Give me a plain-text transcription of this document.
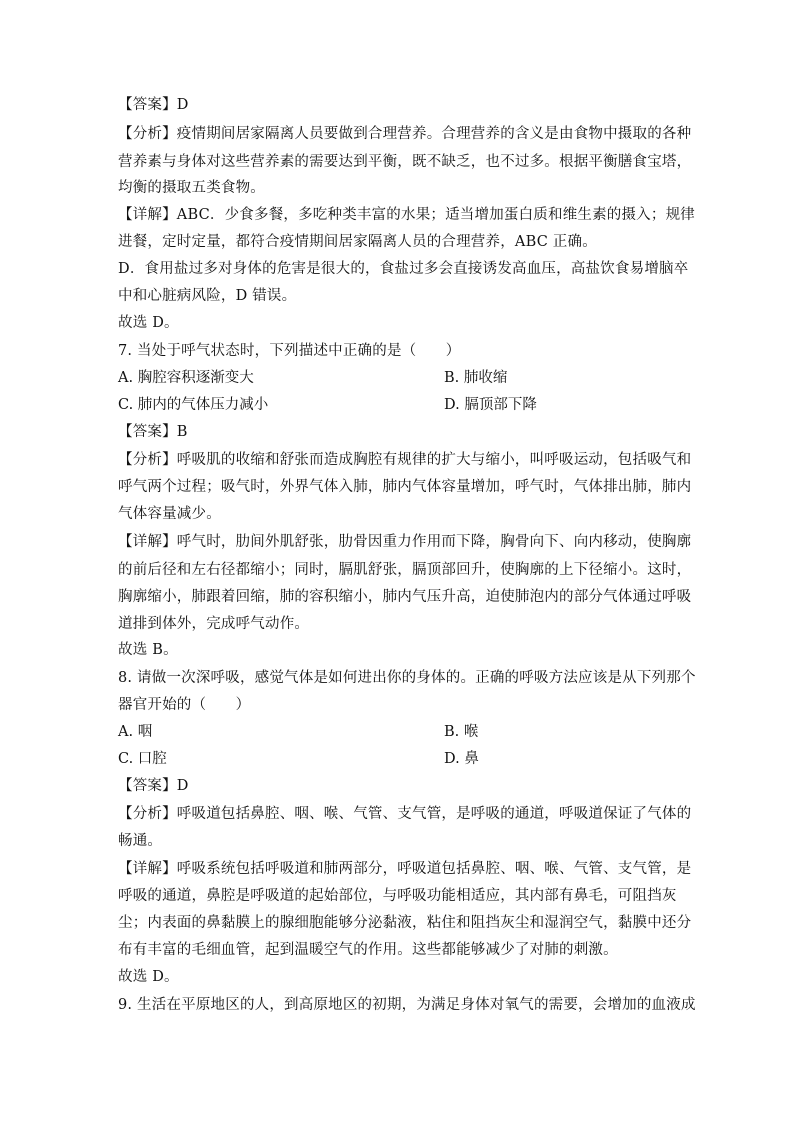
【答案】D
【分析】疫情期间居家隔离人员要做到合理营养。合理营养的含义是由食物中摄取的各种
营养素与身体对这些营养素的需要达到平衡，既不缺乏，也不过多。根据平衡膳食宝塔，
均衡的摄取五类食物。
【详解】ABC．少食多餐，多吃种类丰富的水果；适当增加蛋白质和维生素的摄入；规律
进餐，定时定量，都符合疫情期间居家隔离人员的合理营养，ABC 正确。
D．食用盐过多对身体的危害是很大的，食盐过多会直接诱发高血压，高盐饮食易增脑卒
中和心脏病风险，D 错误。
故选 D。
7. 当处于呼气状态时，下列描述中正确的是（　　）
A. 胸腔容积逐渐变大	B. 肺收缩
C. 肺内的气体压力减小	D. 膈顶部下降
【答案】B
【分析】呼吸肌的收缩和舒张而造成胸腔有规律的扩大与缩小，叫呼吸运动，包括吸气和
呼气两个过程；吸气时，外界气体入肺，肺内气体容量增加，呼气时，气体排出肺，肺内
气体容量减少。
【详解】呼气时，肋间外肌舒张，肋骨因重力作用而下降，胸骨向下、向内移动，使胸廓
的前后径和左右径都缩小；同时，膈肌舒张，膈顶部回升，使胸廓的上下径缩小。这时，
胸廓缩小，肺跟着回缩，肺的容积缩小，肺内气压升高，迫使肺泡内的部分气体通过呼吸
道排到体外，完成呼气动作。
故选 B。
8. 请做一次深呼吸，感觉气体是如何进出你的身体的。正确的呼吸方法应该是从下列那个
器官开始的（　　）
A. 咽	B. 喉
C. 口腔	D. 鼻
【答案】D
【分析】呼吸道包括鼻腔、咽、喉、气管、支气管，是呼吸的通道，呼吸道保证了气体的
畅通。
【详解】呼吸系统包括呼吸道和肺两部分，呼吸道包括鼻腔、咽、喉、气管、支气管，是
呼吸的通道，鼻腔是呼吸道的起始部位，与呼吸功能相适应，其内部有鼻毛，可阻挡灰
尘；内表面的鼻黏膜上的腺细胞能够分泌黏液，粘住和阻挡灰尘和湿润空气，黏膜中还分
布有丰富的毛细血管，起到温暖空气的作用。这些都能够减少了对肺的刺激。
故选 D。
9. 生活在平原地区的人，到高原地区的初期，为满足身体对氧气的需要，会增加的血液成
